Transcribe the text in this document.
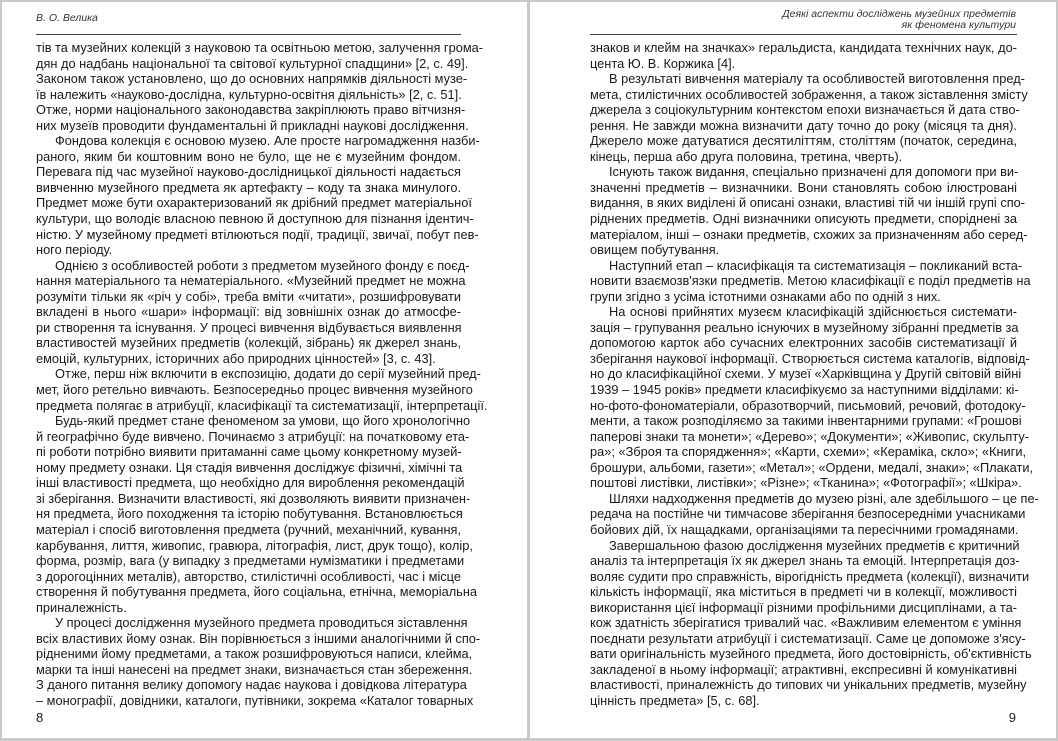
В. О. Велика
тів та музейних колекцій з науковою та освітньою метою, залучення грома-
дян до надбань національної та світової культурної спадщини» [2, с. 49].
Законом також установлено, що до основних напрямків діяльності музе-
їв належить «науково-дослідна, культурно-освітня діяльність» [2, с. 51].
Отже, норми національного законодавства закріплюють право вітчизня-
них музеїв проводити фундаментальні й прикладні наукові дослідження.
Фондова колекція є основою музею. Але просте нагромадження назби-
раного, яким би коштовним воно не було, ще не є музейним фондом.
Перевага під час музейної науково-дослідницької діяльності надається
вивченню музейного предмета як артефакту – коду та знака минулого.
Предмет може бути охарактеризований як дрібний предмет матеріальної
культури, що володіє власною певною й доступною для пізнання ідентич-
ністю. У музейному предметі втілюються події, традиції, звичаї, побут пев-
ного періоду.
Однією з особливостей роботи з предметом музейного фонду є поєд-
нання матеріального та нематеріального. «Музейний предмет не можна
розуміти тільки як «річ у собі», треба вміти «читати», розшифровувати
вкладені в нього «шари» інформації: від зовнішніх ознак до атмосфе-
ри створення та існування. У процесі вивчення відбувається виявлення
властивостей музейних предметів (колекцій, зібрань) як джерел знань,
емоцій, культурних, історичних або природних цінностей» [3, с. 43].
Отже, перш ніж включити в експозицію, додати до серії музейний пред-
мет, його ретельно вивчають. Безпосередньо процес вивчення музейного
предмета полягає в атрибуції, класифікації та систематизації, інтерпретації.
Будь-який предмет стане феноменом за умови, що його хронологічно
й географічно буде вивчено. Починаємо з атрибуції: на початковому ета-
пі роботи потрібно виявити притаманні саме цьому конкретному музей-
ному предмету ознаки. Ця стадія вивчення досліджує фізичні, хімічні та
інші властивості предмета, що необхідно для вироблення рекомендацій
зі зберігання. Визначити властивості, які дозволяють виявити призначен-
ня предмета, його походження та історію побутування. Встановлюється
матеріал і спосіб виготовлення предмета (ручний, механічний, кування,
карбування, лиття, живопис, гравюра, літографія, лист, друк тощо), колір,
форма, розмір, вага (у випадку з предметами нумізматики і предметами
з дорогоцінних металів), авторство, стилістичні особливості, час і місце
створення й побутування предмета, його соціальна, етнічна, меморіальна
приналежність.
У процесі дослідження музейного предмета проводиться зіставлення
всіх властивих йому ознак. Він порівнюється з іншими аналогічними й спо-
рідненими йому предметами, а також розшифровуються написи, клейма,
марки та інші нанесені на предмет знаки, визначається стан збереження.
З даного питання велику допомогу надає наукова і довідкова література
– монографії, довідники, каталоги, путівники, зокрема «Каталог товарных
8
Деякі аспекти досліджень музейних предметів
як феномена культури
знаков и клейм на значках» геральдиста, кандидата технічних наук, до-
цента Ю. В. Коржика [4].
В результаті вивчення матеріалу та особливостей виготовлення пред-
мета, стилістичних особливостей зображення, а також зіставлення змісту
джерела з соціокультурним контекстом епохи визначається й дата ство-
рення. Не завжди можна визначити дату точно до року (місяця та дня).
Джерело може датуватися десятиліттям, століттям (початок, середина,
кінець, перша або друга половина, третина, чверть).
Існують також видання, спеціально призначені для допомоги при ви-
значенні предметів – визначники. Вони становлять собою ілюстровані
видання, в яких виділені й описані ознаки, властиві тій чи іншій групі спо-
ріднених предметів. Одні визначники описують предмети, споріднені за
матеріалом, інші – ознаки предметів, схожих за призначенням або серед-
овищем побутування.
Наступний етап – класифікація та систематизація – покликаний вста-
новити взаємозв'язки предметів. Метою класифікації є поділ предметів на
групи згідно з усіма істотними ознаками або по одній з них.
На основі прийнятих музеєм класифікацій здійснюється системати-
зація – групування реально існуючих в музейному зібранні предметів за
допомогою карток або сучасних електронних засобів систематизації й
зберігання наукової інформації. Створюється система каталогів, відповід-
но до класифікаційної схеми. У музеї «Харківщина у Другій світовій війні
1939 – 1945 років» предмети класифікуємо за наступними відділами: кі-
но-фото-фономатеріали, образотворчий, письмовий, речовий, фотодоку-
менти, а також розподіляємо за такими інвентарними групами: «Грошові
паперові знаки та монети»; «Дерево»; «Документи»; «Живопис, скульпту-
ра»; «Зброя та спорядження»; «Карти, схеми»; «Кераміка, скло»; «Книги,
брошури, альбоми, газети»; «Метал»; «Ордени, медалі, знаки»; «Плакати,
поштові листівки, листівки»; «Різне»; «Тканина»; «Фотографії»; «Шкіра».
Шляхи надходження предметів до музею різні, але здебільшого – це пе-
редача на постійне чи тимчасове зберігання безпосередніми учасниками
бойових дій, їх нащадками, організаціями та пересічними громадянами.
Завершальною фазою дослідження музейних предметів є критичний
аналіз та інтерпретація їх як джерел знань та емоцій. Інтерпретація доз-
воляє судити про справжність, вірогідність предмета (колекції), визначити
кількість інформації, яка міститься в предметі чи в колекції, можливості
використання цієї інформації різними профільними дисциплінами, а та-
кож здатність зберігатися тривалий час. «Важливим елементом є уміння
поєднати результати атрибуції і систематизації. Саме це допоможе з'ясу-
вати оригінальність музейного предмета, його достовірність, об'єктивність
закладеної в ньому інформації; атрактивні, експресивні й комунікативні
властивості, приналежність до типових чи унікальних предметів, музейну
цінність предмета» [5, с. 68].
9
